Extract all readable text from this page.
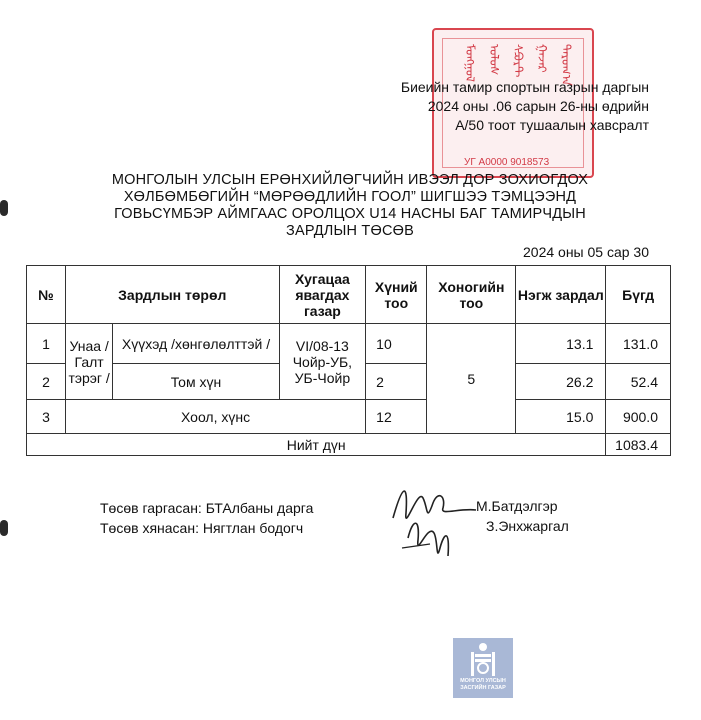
ᠮᠣᠩᠭᠣᠯ ᠤᠯᠤᠰ ᠰᠫᠣᠷᠲ ᠭᠠᠵᠠᠷ ᠳᠠᠷᠤᠭ᠎ᠠ
УГ A0000 9018573
Биеийн тамир спортын газрын даргын
2024 оны .06 сарын 26-ны өдрийн
А/50 тоот тушаалын хавсралт
МОНГОЛЫН УЛСЫН ЕРӨНХИЙЛӨГЧИЙН ИВЭЭЛ ДОР ЗОХИОГДОХ
ХӨЛБӨМБӨГИЙН “МӨРӨӨДЛИЙН ГООЛ” ШИГШЭЭ ТЭМЦЭЭНД
ГОВЬСҮМБЭР АЙМГААС ОРОЛЦОХ U14 НАСНЫ БАГ ТАМИРЧДЫН
ЗАРДЛЫН ТӨСӨВ
2024 оны 05 сар 30
№	Зардлын төрөл		Хугацаа явагдах газар	Хүний тоо	Хоногийн тоо	Нэгж зардал	Бүгд
1	Унаа /Галт тэрэг /	Хүүхэд /хөнгөлөлттэй /	VI/08-13 Чойр-УБ, УБ-Чойр	10	5	13.1	131.0
2		Том хүн		2		26.2	52.4
3	Хоол, хүнс			12		15.0	900.0
Нийт дүн							1083.4
Төсөв гаргасан: БТАлбаны дарга	М.Батдэлгэр
Төсөв хянасан: Нягтлан бодогч	З.Энхжаргал
МОНГОЛ УЛСЫН
ЗАСГИЙН ГАЗАР
